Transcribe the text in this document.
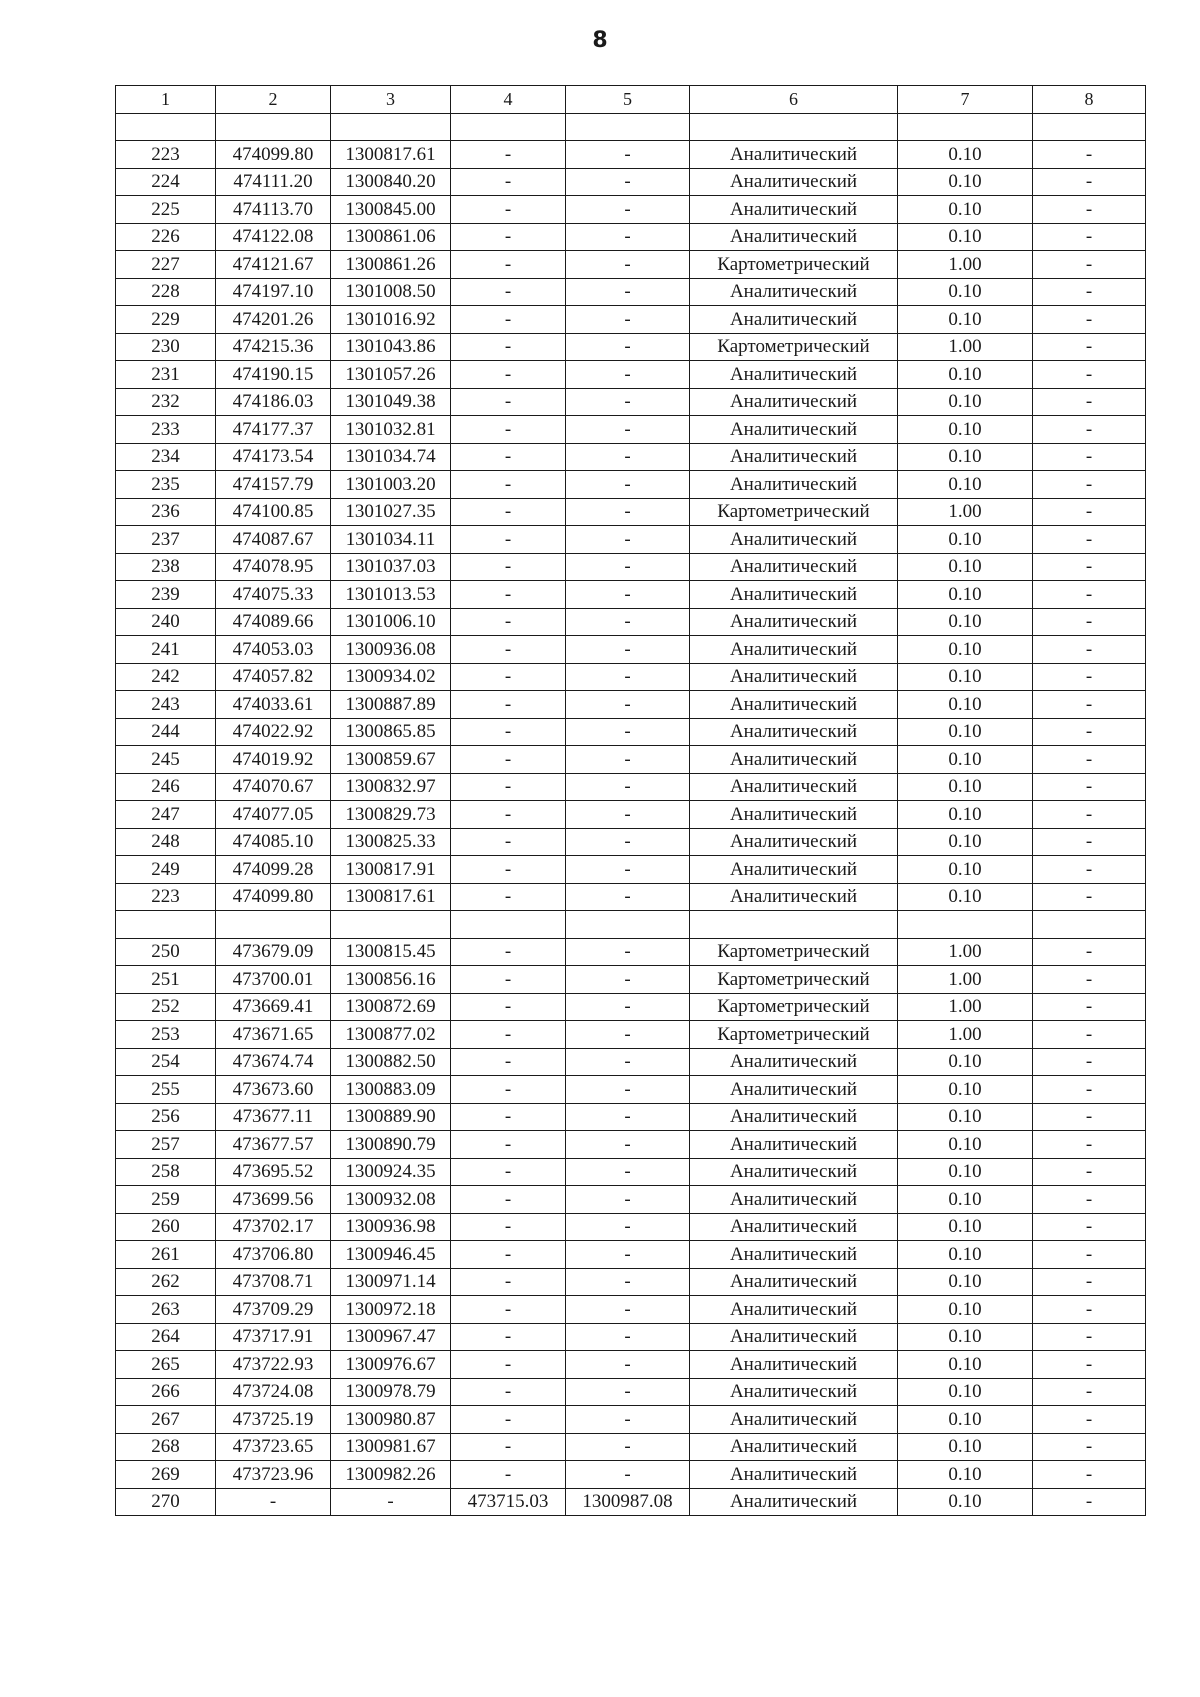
8
1	2	3	4	5	6	7	8

223	474099.80	1300817.61	-	-	Аналитический	0.10	-
224	474111.20	1300840.20	-	-	Аналитический	0.10	-
225	474113.70	1300845.00	-	-	Аналитический	0.10	-
226	474122.08	1300861.06	-	-	Аналитический	0.10	-
227	474121.67	1300861.26	-	-	Картометрический	1.00	-
228	474197.10	1301008.50	-	-	Аналитический	0.10	-
229	474201.26	1301016.92	-	-	Аналитический	0.10	-
230	474215.36	1301043.86	-	-	Картометрический	1.00	-
231	474190.15	1301057.26	-	-	Аналитический	0.10	-
232	474186.03	1301049.38	-	-	Аналитический	0.10	-
233	474177.37	1301032.81	-	-	Аналитический	0.10	-
234	474173.54	1301034.74	-	-	Аналитический	0.10	-
235	474157.79	1301003.20	-	-	Аналитический	0.10	-
236	474100.85	1301027.35	-	-	Картометрический	1.00	-
237	474087.67	1301034.11	-	-	Аналитический	0.10	-
238	474078.95	1301037.03	-	-	Аналитический	0.10	-
239	474075.33	1301013.53	-	-	Аналитический	0.10	-
240	474089.66	1301006.10	-	-	Аналитический	0.10	-
241	474053.03	1300936.08	-	-	Аналитический	0.10	-
242	474057.82	1300934.02	-	-	Аналитический	0.10	-
243	474033.61	1300887.89	-	-	Аналитический	0.10	-
244	474022.92	1300865.85	-	-	Аналитический	0.10	-
245	474019.92	1300859.67	-	-	Аналитический	0.10	-
246	474070.67	1300832.97	-	-	Аналитический	0.10	-
247	474077.05	1300829.73	-	-	Аналитический	0.10	-
248	474085.10	1300825.33	-	-	Аналитический	0.10	-
249	474099.28	1300817.91	-	-	Аналитический	0.10	-
223	474099.80	1300817.61	-	-	Аналитический	0.10	-

250	473679.09	1300815.45	-	-	Картометрический	1.00	-
251	473700.01	1300856.16	-	-	Картометрический	1.00	-
252	473669.41	1300872.69	-	-	Картометрический	1.00	-
253	473671.65	1300877.02	-	-	Картометрический	1.00	-
254	473674.74	1300882.50	-	-	Аналитический	0.10	-
255	473673.60	1300883.09	-	-	Аналитический	0.10	-
256	473677.11	1300889.90	-	-	Аналитический	0.10	-
257	473677.57	1300890.79	-	-	Аналитический	0.10	-
258	473695.52	1300924.35	-	-	Аналитический	0.10	-
259	473699.56	1300932.08	-	-	Аналитический	0.10	-
260	473702.17	1300936.98	-	-	Аналитический	0.10	-
261	473706.80	1300946.45	-	-	Аналитический	0.10	-
262	473708.71	1300971.14	-	-	Аналитический	0.10	-
263	473709.29	1300972.18	-	-	Аналитический	0.10	-
264	473717.91	1300967.47	-	-	Аналитический	0.10	-
265	473722.93	1300976.67	-	-	Аналитический	0.10	-
266	473724.08	1300978.79	-	-	Аналитический	0.10	-
267	473725.19	1300980.87	-	-	Аналитический	0.10	-
268	473723.65	1300981.67	-	-	Аналитический	0.10	-
269	473723.96	1300982.26	-	-	Аналитический	0.10	-
270	-	-	473715.03	1300987.08	Аналитический	0.10	-
